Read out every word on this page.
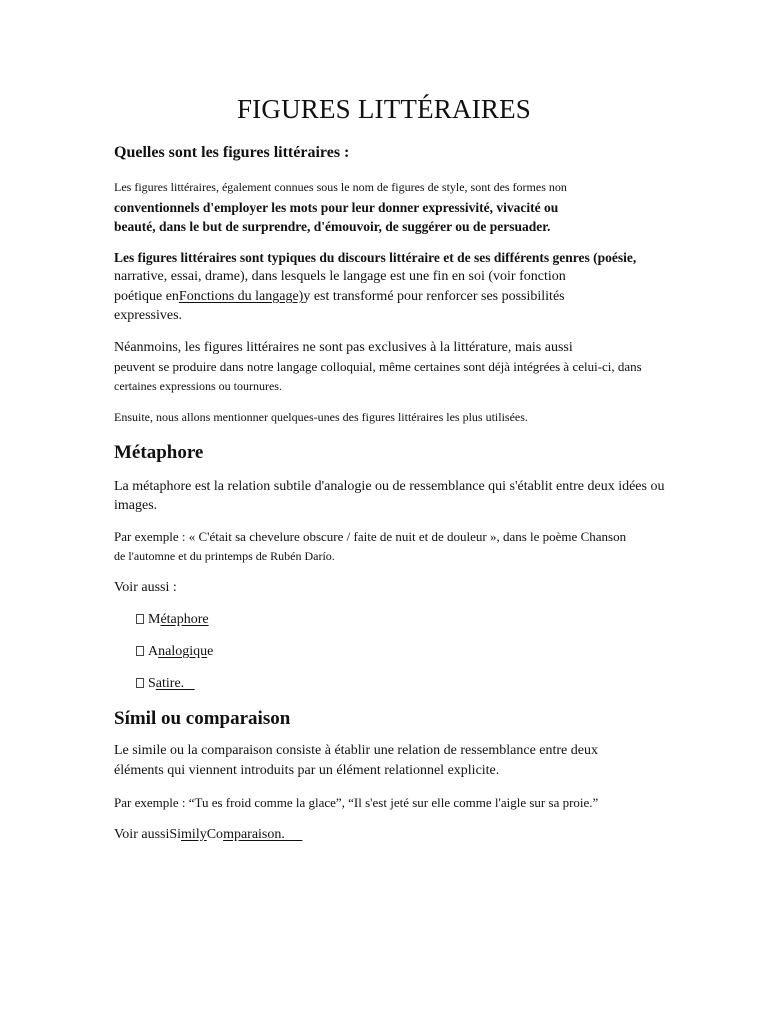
FIGURES LITTÉRAIRES
Quelles sont les figures littéraires :
Les figures littéraires, également connues sous le nom de figures de style, sont des formes non
conventionnels d'employer les mots pour leur donner expressivité, vivacité ou
beauté, dans le but de surprendre, d'émouvoir, de suggérer ou de persuader.
Les figures littéraires sont typiques du discours littéraire et de ses différents genres (poésie,
narrative, essai, drame), dans lesquels le langage est une fin en soi (voir fonction
poétique enFonctions du langage)y est transformé pour renforcer ses possibilités
expressives.
Néanmoins, les figures littéraires ne sont pas exclusives à la littérature, mais aussi
peuvent se produire dans notre langage colloquial, même certaines sont déjà intégrées à celui-ci, dans
certaines expressions ou tournures.
Ensuite, nous allons mentionner quelques-unes des figures littéraires les plus utilisées.
Métaphore
La métaphore est la relation subtile d'analogie ou de ressemblance qui s'établit entre deux idées ou
images.
Par exemple : « C'était sa chevelure obscure / faite de nuit et de douleur », dans le poème Chanson
de l'automne et du printemps de Rubén Darío.
Voir aussi :
Métaphore
Analogique
Satire.
Símil ou comparaison
Le simile ou la comparaison consiste à établir une relation de ressemblance entre deux
éléments qui viennent introduits par un élément relationnel explicite.
Par exemple : “Tu es froid comme la glace”, “Il s'est jeté sur elle comme l'aigle sur sa proie.”
Voir aussiSimilyComparaison.
